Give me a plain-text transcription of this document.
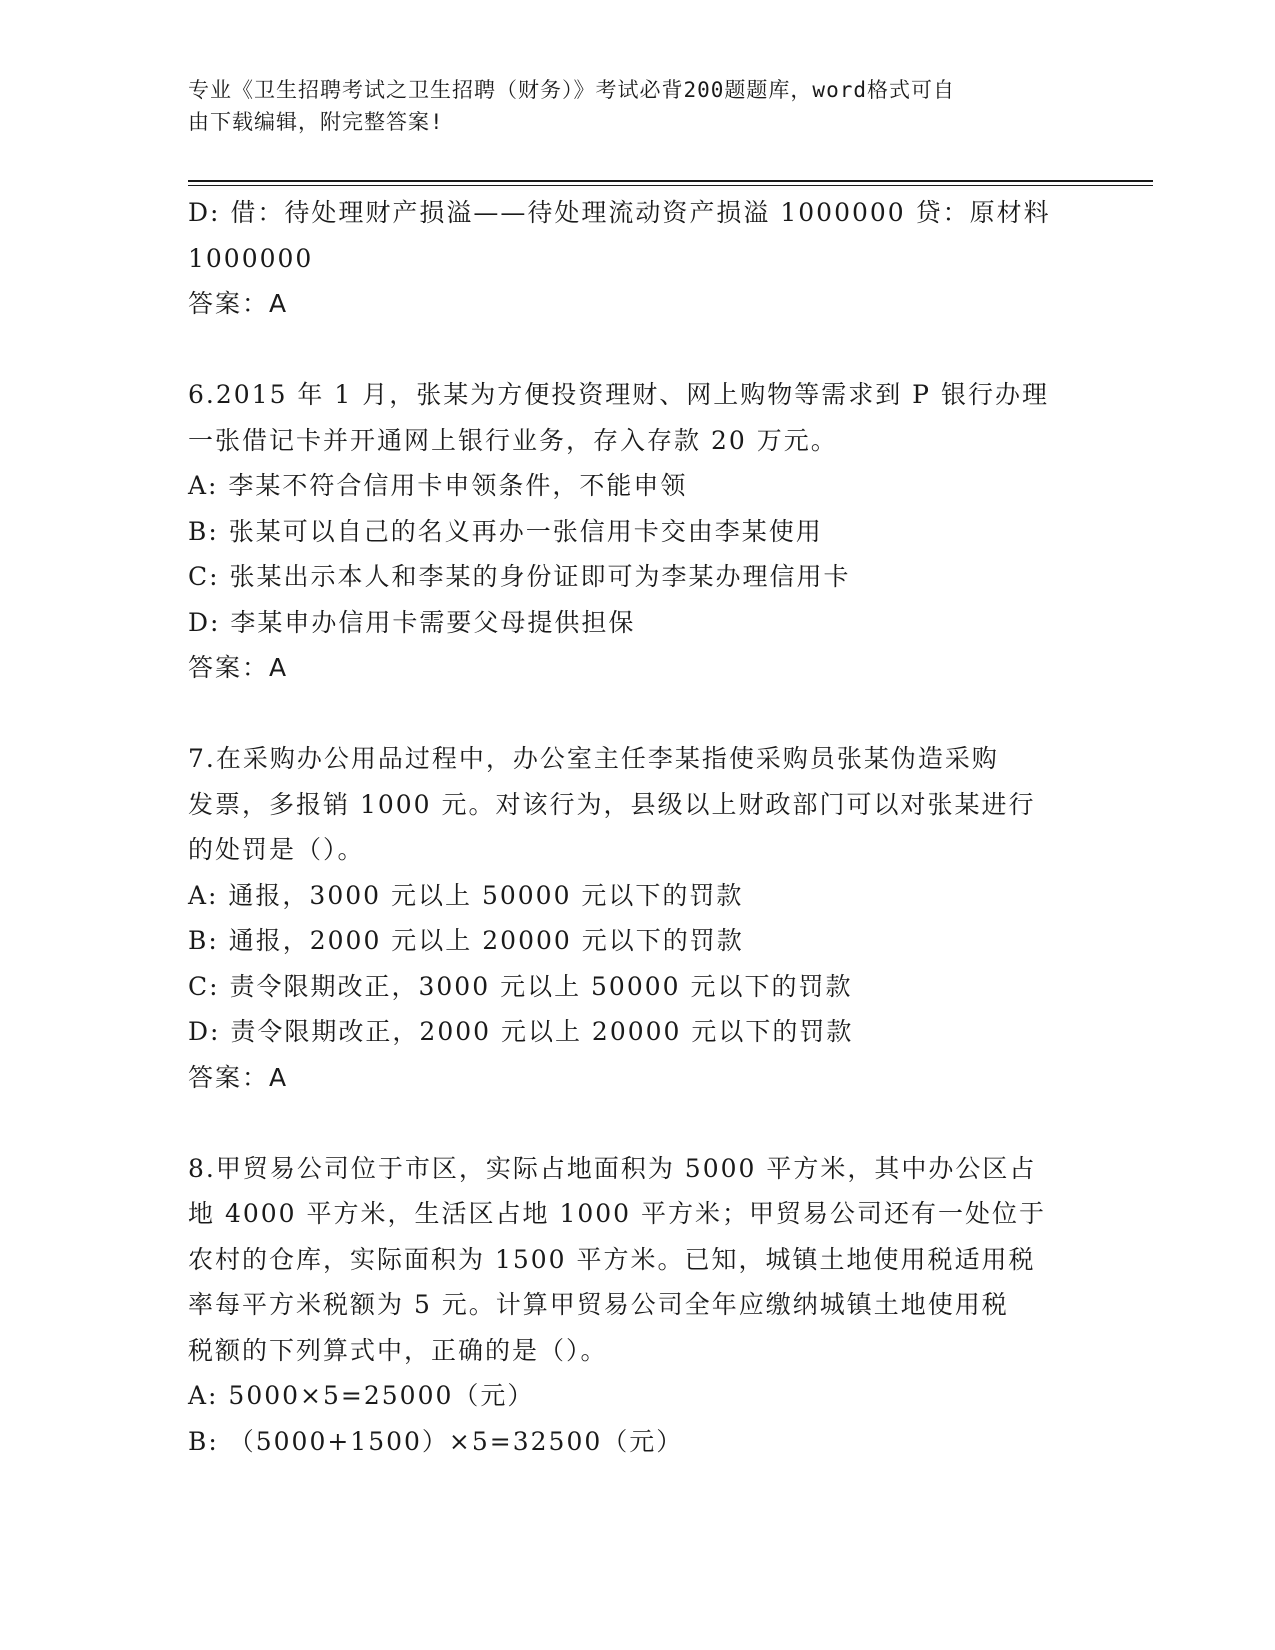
专业《卫生招聘考试之卫生招聘（财务）》考试必背200题题库，word格式可自
由下载编辑，附完整答案!

D: 借：待处理财产损溢——待处理流动资产损溢 1000000 贷：原材料

1000000

答案：A

6.2015 年 1 月，张某为方便投资理财、网上购物等需求到 P 银行办理

一张借记卡并开通网上银行业务，存入存款 20 万元。

A: 李某不符合信用卡申领条件，不能申领

B: 张某可以自己的名义再办一张信用卡交由李某使用

C: 张某出示本人和李某的身份证即可为李某办理信用卡

D: 李某申办信用卡需要父母提供担保

答案：A

7.在采购办公用品过程中，办公室主任李某指使采购员张某伪造采购

发票，多报销 1000 元。对该行为，县级以上财政部门可以对张某进行

的处罚是（）。

A: 通报，3000 元以上 50000 元以下的罚款

B: 通报，2000 元以上 20000 元以下的罚款

C: 责令限期改正，3000 元以上 50000 元以下的罚款

D: 责令限期改正，2000 元以上 20000 元以下的罚款

答案：A

8.甲贸易公司位于市区，实际占地面积为 5000 平方米，其中办公区占

地 4000 平方米，生活区占地 1000 平方米；甲贸易公司还有一处位于

农村的仓库，实际面积为 1500 平方米。已知，城镇土地使用税适用税

率每平方米税额为 5 元。计算甲贸易公司全年应缴纳城镇土地使用税

税额的下列算式中，正确的是（）。

A: 5000×5=25000（元）

B: （5000+1500）×5=32500（元）
